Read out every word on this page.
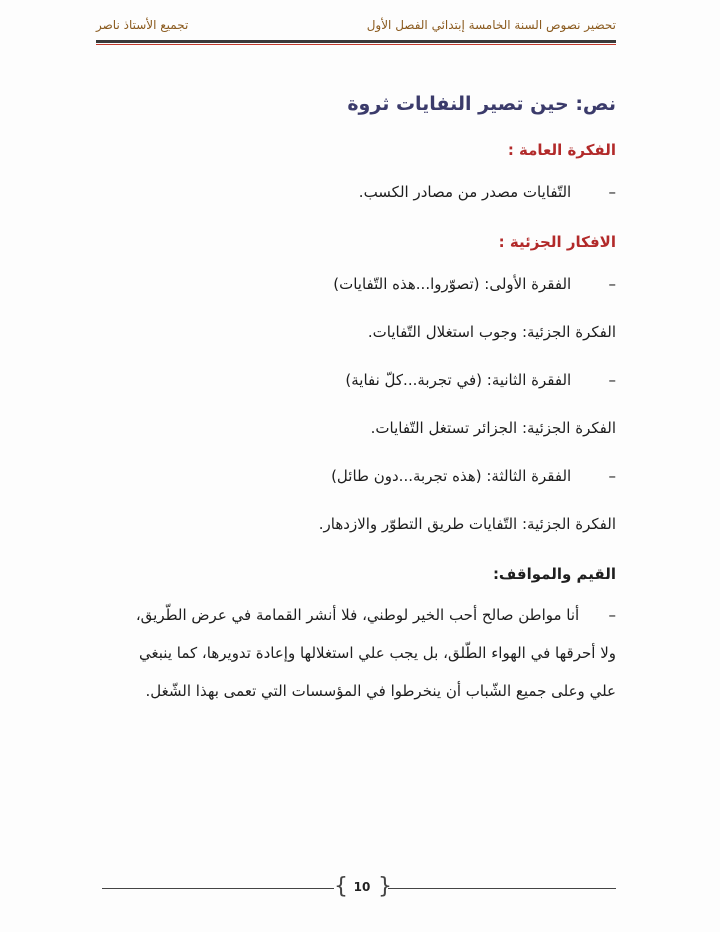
تحضير نصوص السنة الخامسة إبتدائي الفصل الأول
تجميع الأستاذ ناصر
نص: حين تصير النفايات ثروة
الفكرة العامة :
– التّفايات مصدر من مصادر الكسب.
الافكار الجزئية :
– الفقرة الأولى: (تصوّروا...هذه التّفايات)
الفكرة الجزئية: وجوب استغلال التّفايات.
– الفقرة الثانية: (في تجربة...كلّ نفاية)
الفكرة الجزئية: الجزائر تستغل التّفايات.
– الفقرة الثالثة: (هذه تجربة...دون طائل)
الفكرة الجزئية: التّفايات طريق التطوّر والازدهار.
القيم والمواقف:
– أنا مواطن صالح أحب الخير لوطني، فلا أنشر القمامة في عرض الطّريق،
ولا أحرقها في الهواء الطّلق، بل يجب علي استغلالها وإعادة تدويرها، كما ينبغي
علي وعلى جميع الشّباب أن ينخرطوا في المؤسسات التي تعمى بهذا الشّغل.
{ 10 }
